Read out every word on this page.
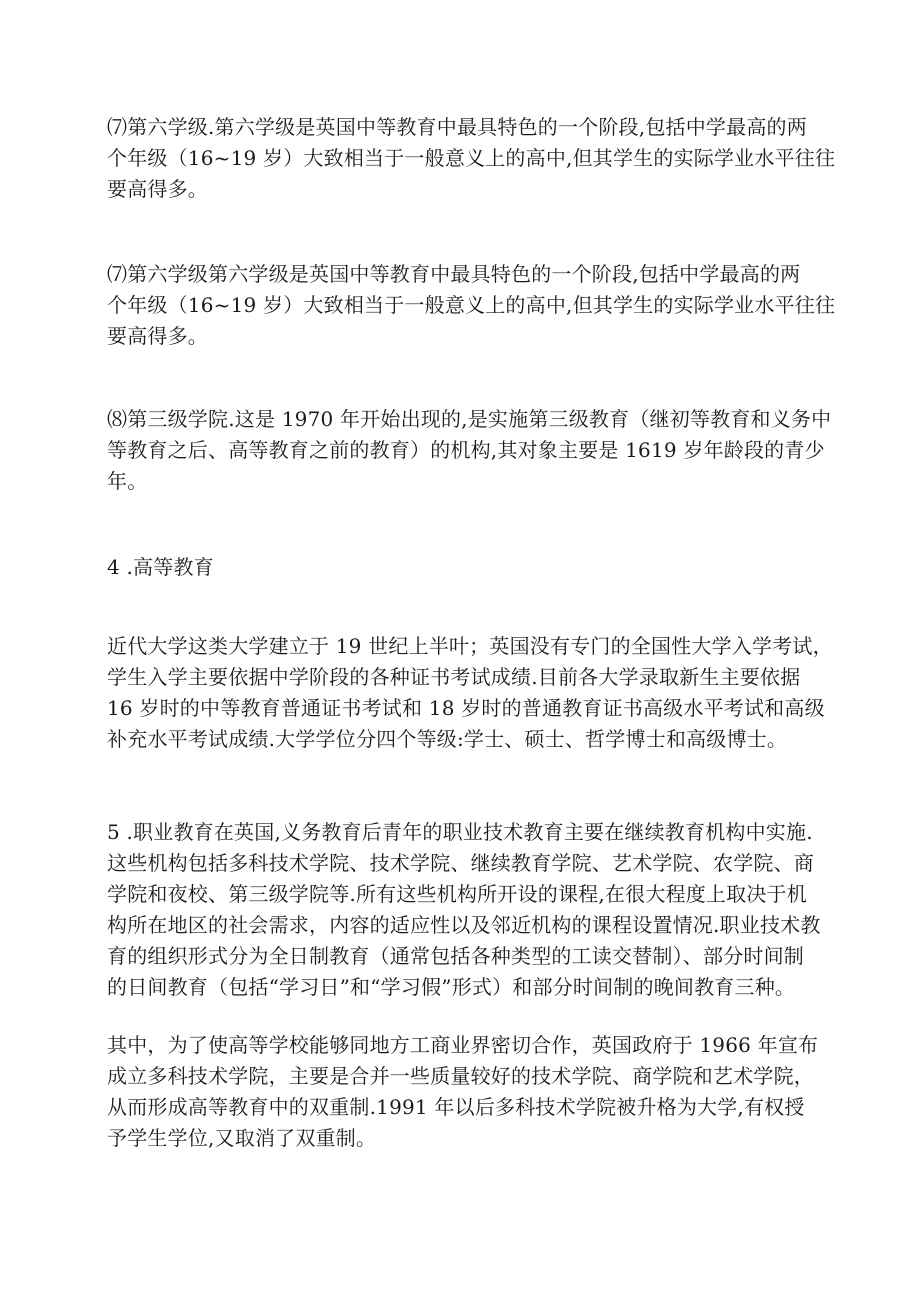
⑺第六学级.第六学级是英国中等教育中最具特色的一个阶段,包括中学最高的两
个年级（16~19 岁）大致相当于一般意义上的高中,但其学生的实际学业水平往往
要高得多。
⑺第六学级第六学级是英国中等教育中最具特色的一个阶段,包括中学最高的两
个年级（16~19 岁）大致相当于一般意义上的高中,但其学生的实际学业水平往往
要高得多。
⑻第三级学院.这是 1970 年开始出现的,是实施第三级教育（继初等教育和义务中
等教育之后、高等教育之前的教育）的机构,其对象主要是 1619 岁年龄段的青少
年。
4 .高等教育
近代大学这类大学建立于 19 世纪上半叶；英国没有专门的全国性大学入学考试，
学生入学主要依据中学阶段的各种证书考试成绩.目前各大学录取新生主要依据
16 岁时的中等教育普通证书考试和 18 岁时的普通教育证书高级水平考试和高级
补充水平考试成绩.大学学位分四个等级:学士、硕士、哲学博士和高级博士。
5 .职业教育在英国,义务教育后青年的职业技术教育主要在继续教育机构中实施.
这些机构包括多科技术学院、技术学院、继续教育学院、艺术学院、农学院、商
学院和夜校、第三级学院等.所有这些机构所开设的课程,在很大程度上取决于机
构所在地区的社会需求，内容的适应性以及邻近机构的课程设置情况.职业技术教
育的组织形式分为全日制教育（通常包括各种类型的工读交替制）、部分时间制
的日间教育（包括“学习日”和“学习假”形式）和部分时间制的晚间教育三种。
其中，为了使高等学校能够同地方工商业界密切合作，英国政府于 1966 年宣布
成立多科技术学院，主要是合并一些质量较好的技术学院、商学院和艺术学院，
从而形成高等教育中的双重制.1991 年以后多科技术学院被升格为大学,有权授
予学生学位,又取消了双重制。
